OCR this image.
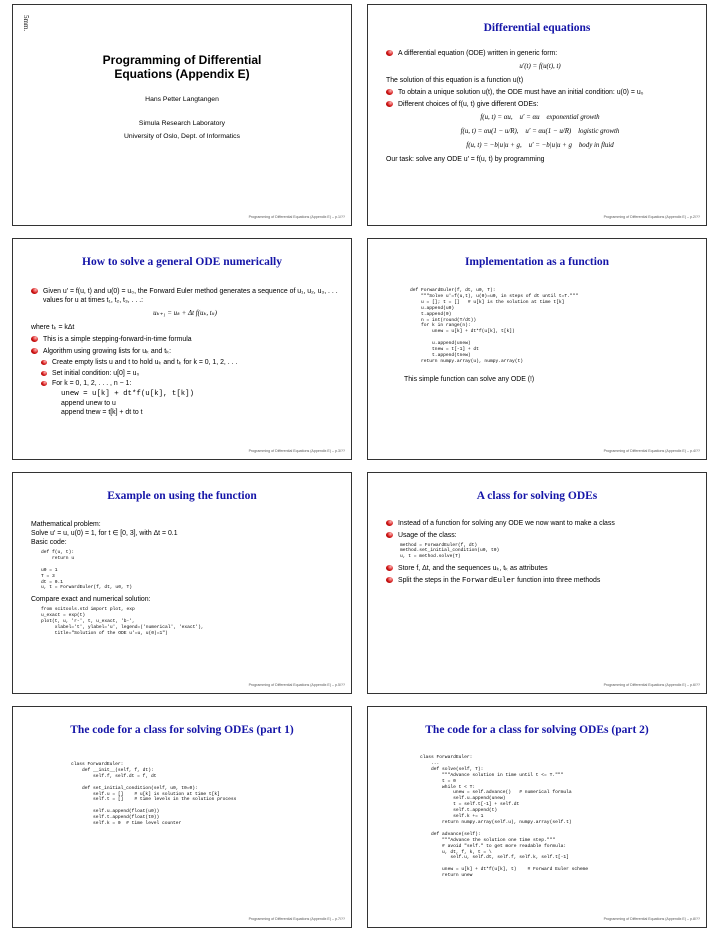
5mm.
Programming of Differential Equations (Appendix E)
Hans Petter Langtangen
Simula Research Laboratory
University of Oslo, Dept. of Informatics
Programming of Differential Equations (Appendix E) – p.1/??
Differential equations
A differential equation (ODE) written in generic form:
u′(t) = f(u(t), t)
The solution of this equation is a function u(t)
To obtain a unique solution u(t), the ODE must have an initial condition: u(0) = u₀
Different choices of f(u, t) give different ODEs:
f(u, t) = αu,    u′ = αu    exponential growth
f(u, t) = αu(1 − u/R),    u′ = αu(1 − u/R)    logistic growth
f(u, t) = −b|u|u + g,    u′ = −b|u|u + g    body in fluid
Our task: solve any ODE u′ = f(u, t) by programming
Programming of Differential Equations (Appendix E) – p.2/??
How to solve a general ODE numerically
Given u′ = f(u, t) and u(0) = u₀, the Forward Euler method generates a sequence of u₁, u₂, u₃, . . . values for u at times t₁, t₂, t₃, . . .:
uₖ₊₁ = uₖ + Δt f(uₖ, tₖ)
where tₖ = kΔt
This is a simple stepping-forward-in-time formula
Algorithm using growing lists for uₖ and tₖ:
Create empty lists u and t to hold uₖ and tₖ for k = 0, 1, 2, . . .
Set initial condition: u[0] = u₀
For k = 0, 1, 2, . . . , n − 1:
unew = u[k] + dt*f(u[k], t[k])
append unew to u
append tnew = t[k] + dt to t
Programming of Differential Equations (Appendix E) – p.3/??
Implementation as a function
def ForwardEuler(f, dt, u0, T):
"""Solve u'=f(u,t), u(0)=u0, in steps of dt until t=T."""
u = []; t = []   # u[k] is the solution at time t[k]
u.append(u0)
t.append(0)
n = int(round(T/dt))
for k in range(n):
unew = u[k] + dt*f(u[k], t[k])

u.append(unew)
tnew = t[-1] + dt
t.append(tnew)
return numpy.array(u), numpy.array(t)
This simple function can solve any ODE (!)
Programming of Differential Equations (Appendix E) – p.4/??
Example on using the function
Mathematical problem:
Solve u′ = u, u(0) = 1, for t ∈ [0, 3], with Δt = 0.1
Basic code:
def f(u, t):
return u

u0 = 1
T = 3
dt = 0.1
u, t = ForwardEuler(f, dt, u0, T)
Compare exact and numerical solution:
from scitools.std import plot, exp
u_exact = exp(t)
plot(t, u, 'r-', t, u_exact, 'b-',
xlabel='t', ylabel='u', legend=('numerical', 'exact'),
title="Solution of the ODE u'=u, u(0)=1")
Programming of Differential Equations (Appendix E) – p.5/??
A class for solving ODEs
Instead of a function for solving any ODE we now want to make a class
Usage of the class:
method = ForwardEuler(f, dt)
method.set_initial_condition(u0, t0)
u, t = method.solve(T)
Store f, Δt, and the sequences uₖ, tₖ as attributes
Split the steps in the ForwardEuler function into three methods
Programming of Differential Equations (Appendix E) – p.6/??
The code for a class for solving ODEs (part 1)
class ForwardEuler:
def __init__(self, f, dt):
self.f, self.dt = f, dt

def set_initial_condition(self, u0, t0=0):
self.u = []    # u[k] is solution at time t[k]
self.t = []    # time levels in the solution process

self.u.append(float(u0))
self.t.append(float(t0))
self.k = 0  # time level counter
Programming of Differential Equations (Appendix E) – p.7/??
The code for a class for solving ODEs (part 2)
class ForwardEuler:
...
def solve(self, T):
"""Advance solution in time until t <= T."""
t = 0
while t < T:
unew = self.advance()   # numerical formula
self.u.append(unew)
t = self.t[-1] + self.dt
self.t.append(t)
self.k += 1
return numpy.array(self.u), numpy.array(self.t)

def advance(self):
"""Advance the solution one time step."""
# avoid "self." to get more readable formula:
u, dt, f, k, t = \
self.u, self.dt, self.f, self.k, self.t[-1]

unew = u[k] + dt*f(u[k], t)    # Forward Euler scheme
return unew
Programming of Differential Equations (Appendix E) – p.8/??
